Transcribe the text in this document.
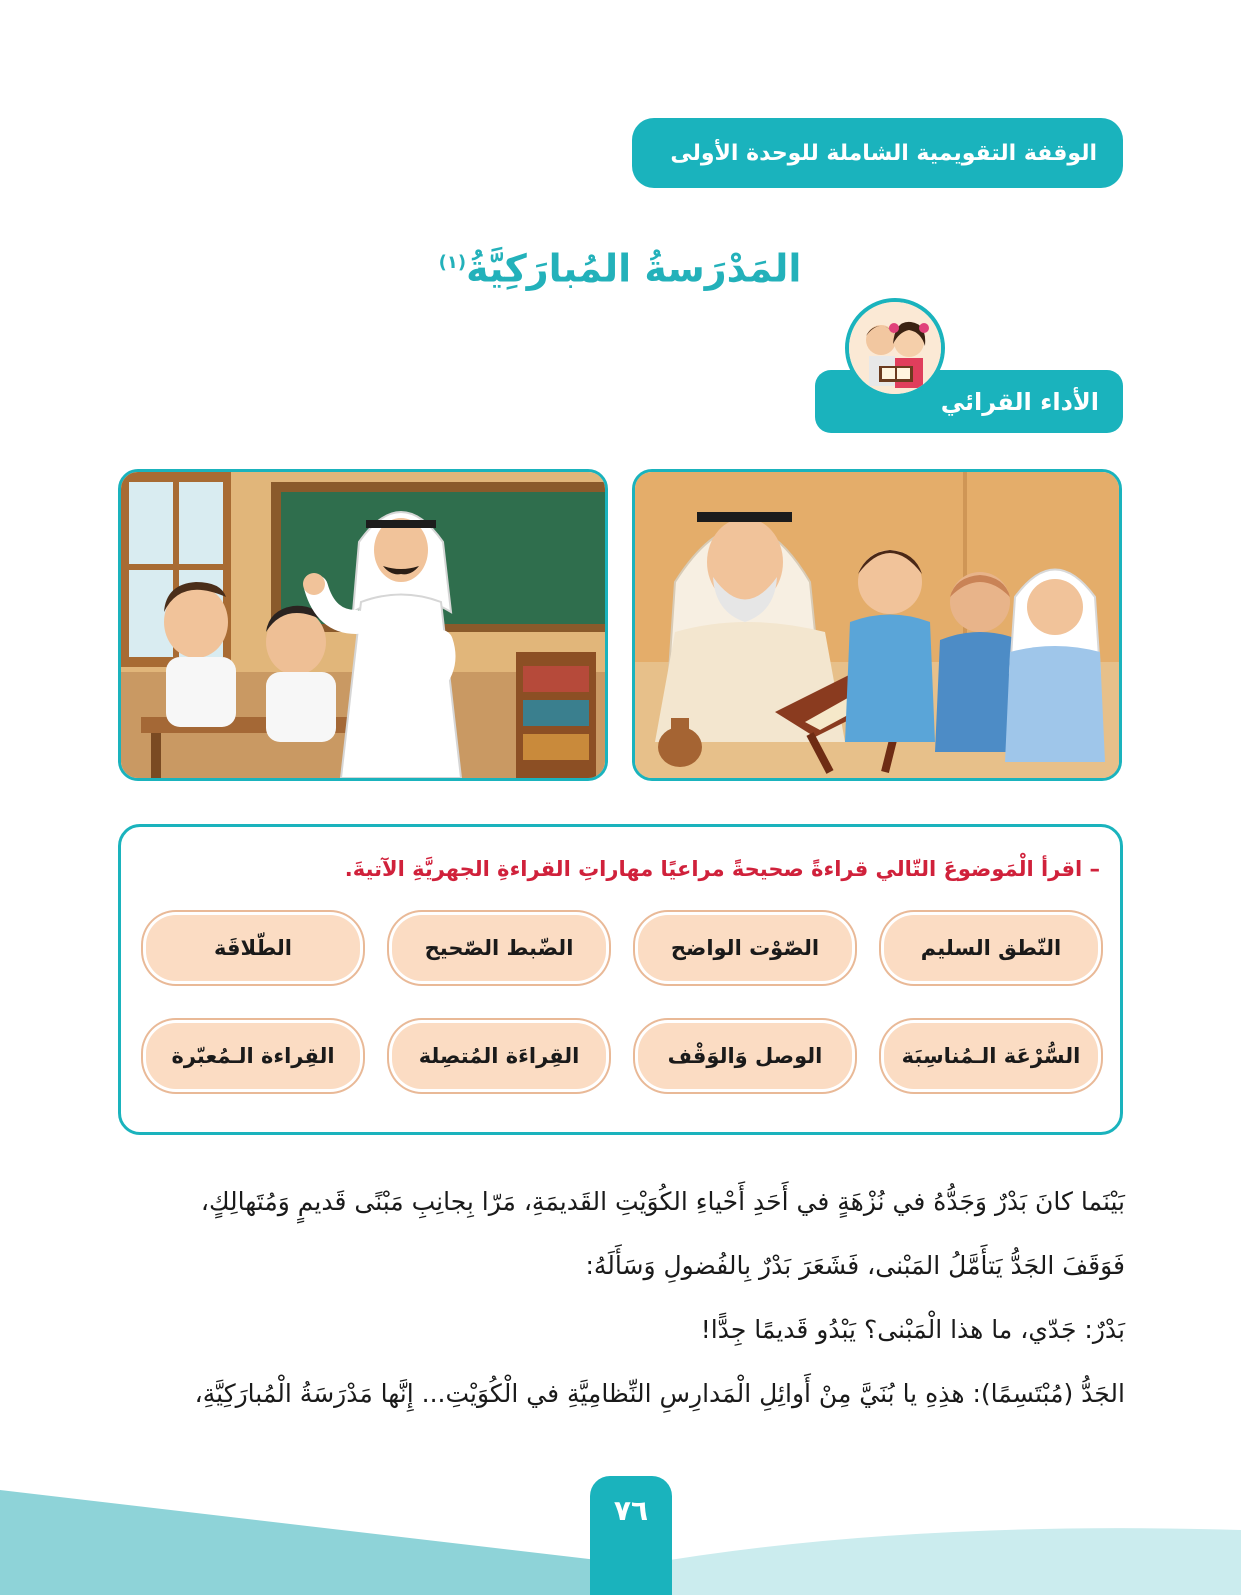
الوقفة التقويمية الشاملة للوحدة الأولى
المَدْرَسةُ المُبارَكِيَّةُ$^{(١)}$
الأداء القرائي
– اقرأ الْمَوضوعَ التّالي قراءةً صحيحةً مراعيًا مهاراتِ القراءةِ الجهريَّةِ الآتيةَ.
النّطق السليم
الصّوْت الواضح
الضّبط الصّحيح
الطّلاقَة
السُّرْعَة الـمُناسِبَة
الوصل وَالوَقْف
القِراءَة المُتصِلة
القِراءة الـمُعبّرة

بَيْنَما كانَ بَدْرٌ وَجَدُّهُ في نُزْهَةٍ في أَحَدِ أَحْياءِ الكُوَيْتِ القَديمَةِ، مَرّا بِجانِبِ مَبْنًى قَديمٍ وَمُتَهالِكٍ،

فَوَقَفَ الجَدُّ يَتأَمَّلُ المَبْنى، فَشَعَرَ بَدْرٌ بِالفُضولِ وَسَأَلَهُ:

بَدْرٌ: جَدّي، ما هذا الْمَبْنى؟ يَبْدُو قَديمًا جِدًّا!

الجَدُّ (مُبْتَسِمًا): هذِهِ يا بُنَيَّ مِنْ أَوائِلِ الْمَدارِسِ النِّظامِيَّةِ في الْكُوَيْتِ... إِنَّها مَدْرَسَةُ الْمُبارَكِيَّةِ،

٧٦
